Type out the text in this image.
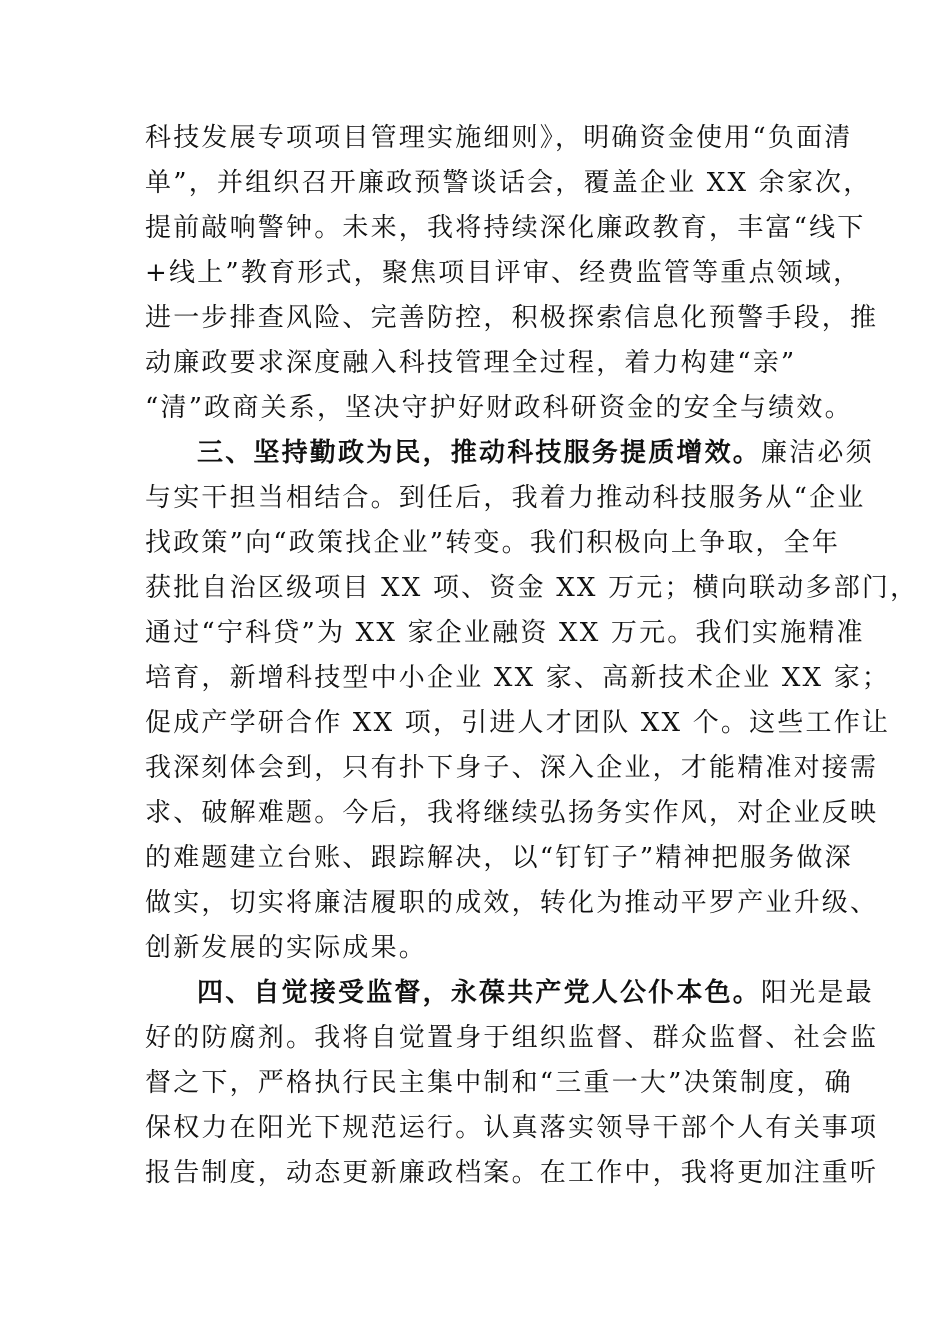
科技发展专项项目管理实施细则》，明确资金使用“负面清

单”，并组织召开廉政预警谈话会，覆盖企业 XX 余家次，

提前敲响警钟。未来，我将持续深化廉政教育，丰富“线下

+线上”教育形式，聚焦项目评审、经费监管等重点领域，

进一步排查风险、完善防控，积极探索信息化预警手段，推

动廉政要求深度融入科技管理全过程，着力构建“亲”

“清”政商关系，坚决守护好财政科研资金的安全与绩效。

三、坚持勤政为民，推动科技服务提质增效。廉洁必须

与实干担当相结合。到任后，我着力推动科技服务从“企业

找政策”向“政策找企业”转变。我们积极向上争取，全年

获批自治区级项目 XX 项、资金 XX 万元；横向联动多部门，

通过“宁科贷”为 XX 家企业融资 XX 万元。我们实施精准

培育，新增科技型中小企业 XX 家、高新技术企业 XX 家；

促成产学研合作 XX 项，引进人才团队 XX 个。这些工作让

我深刻体会到，只有扑下身子、深入企业，才能精准对接需

求、破解难题。今后，我将继续弘扬务实作风，对企业反映

的难题建立台账、跟踪解决，以“钉钉子”精神把服务做深

做实，切实将廉洁履职的成效，转化为推动平罗产业升级、

创新发展的实际成果。

四、自觉接受监督，永葆共产党人公仆本色。阳光是最

好的防腐剂。我将自觉置身于组织监督、群众监督、社会监

督之下，严格执行民主集中制和“三重一大”决策制度，确

保权力在阳光下规范运行。认真落实领导干部个人有关事项

报告制度，动态更新廉政档案。在工作中，我将更加注重听
